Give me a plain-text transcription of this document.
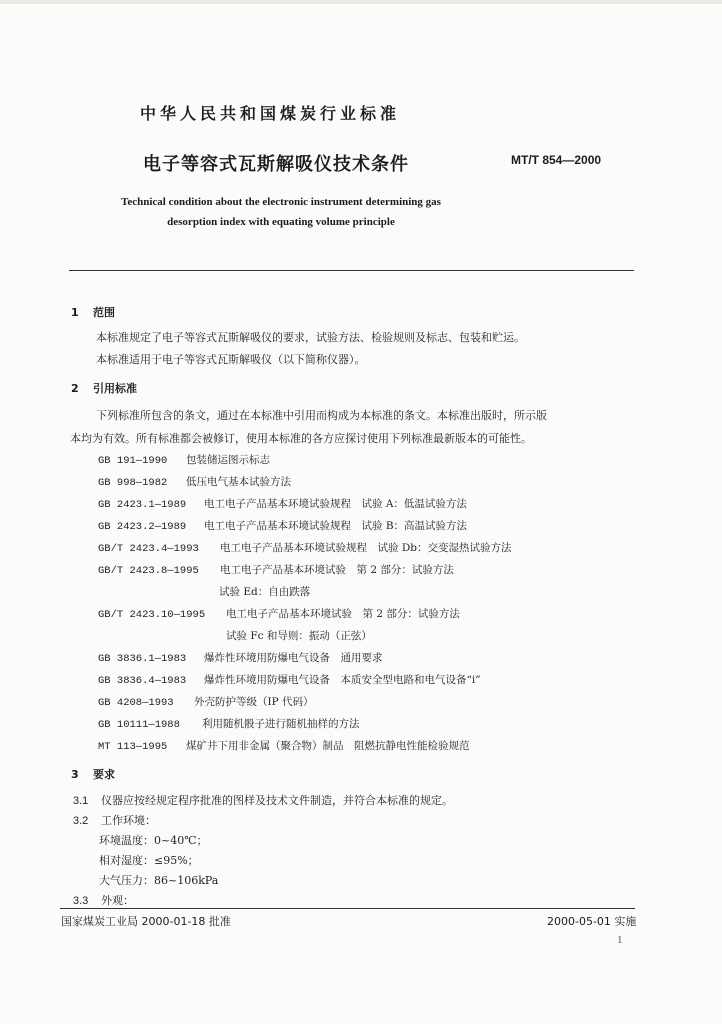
中华人民共和国煤炭行业标准
电子等容式瓦斯解吸仪技术条件	MT/T 854—2000
Technical condition about the electronic instrument determining gas
desorption index with equating volume principle
1 范围
本标准规定了电子等容式瓦斯解吸仪的要求，试验方法、检验规则及标志、包装和贮运。
本标准适用于电子等容式瓦斯解吸仪（以下简称仪器）。
2 引用标准
下列标准所包含的条文，通过在本标准中引用而构成为本标准的条文。本标准出版时，所示版
本均为有效。所有标准都会被修订，使用本标准的各方应探讨使用下列标准最新版本的可能性。
GB 191—1990 包装储运图示标志
GB 998—1982 低压电气基本试验方法
GB 2423.1—1989 电工电子产品基本环境试验规程　试验 A：低温试验方法
GB 2423.2—1989 电工电子产品基本环境试验规程　试验 B：高温试验方法
GB/T 2423.4—1993 电工电子产品基本环境试验规程　试验 Db：交变湿热试验方法
GB/T 2423.8—1995 电工电子产品基本环境试验　第 2 部分：试验方法
试验 Ed：自由跌落
GB/T 2423.10—1995 电工电子产品基本环境试验　第 2 部分：试验方法
试验 Fc 和导则：振动（正弦）
GB 3836.1—1983 爆炸性环境用防爆电气设备　通用要求
GB 3836.4—1983 爆炸性环境用防爆电气设备　本质安全型电路和电气设备“i”
GB 4208—1993 外壳防护等级（IP 代码）
GB 10111—1988 利用随机骰子进行随机抽样的方法
MT 113—1995 煤矿井下用非金属（聚合物）制品　阻燃抗静电性能检验规范
3 要求
3.1 仪器应按经规定程序批准的图样及技术文件制造，并符合本标准的规定。
3.2 工作环境：
环境温度：0~40℃；
相对湿度：≤95%；
大气压力：86~106kPa
3.3 外观：
国家煤炭工业局 2000-01-18 批准	2000-05-01 实施
1
